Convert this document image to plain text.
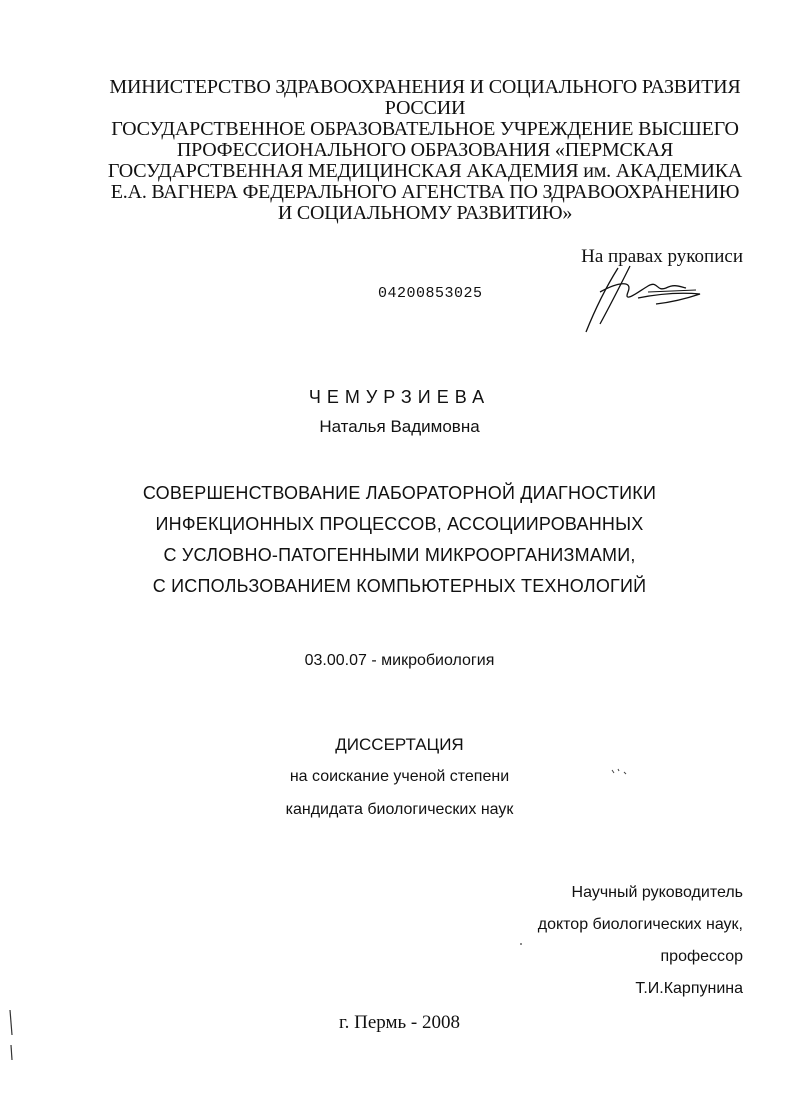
МИНИСТЕРСТВО ЗДРАВООХРАНЕНИЯ И СОЦИАЛЬНОГО РАЗВИТИЯ
РОССИИ
ГОСУДАРСТВЕННОЕ ОБРАЗОВАТЕЛЬНОЕ УЧРЕЖДЕНИЕ ВЫСШЕГО
ПРОФЕССИОНАЛЬНОГО ОБРАЗОВАНИЯ «ПЕРМСКАЯ
ГОСУДАРСТВЕННАЯ МЕДИЦИНСКАЯ АКАДЕМИЯ им. АКАДЕМИКА
Е.А. ВАГНЕРА ФЕДЕРАЛЬНОГО АГЕНСТВА ПО ЗДРАВООХРАНЕНИЮ
И СОЦИАЛЬНОМУ РАЗВИТИЮ»
На правах рукописи
04200853025
ЧЕМУРЗИЕВА
Наталья Вадимовна
СОВЕРШЕНСТВОВАНИЕ ЛАБОРАТОРНОЙ ДИАГНОСТИКИ
ИНФЕКЦИОННЫХ ПРОЦЕССОВ, АССОЦИИРОВАННЫХ
С УСЛОВНО-ПАТОГЕННЫМИ МИКРООРГАНИЗМАМИ,
С ИСПОЛЬЗОВАНИЕМ КОМПЬЮТЕРНЫХ ТЕХНОЛОГИЙ
03.00.07 - микробиология
ДИССЕРТАЦИЯ
на соискание ученой степени
кандидата биологических наук
Научный руководитель
доктор биологических наук,
профессор
Т.И.Карпунина
г. Пермь - 2008
